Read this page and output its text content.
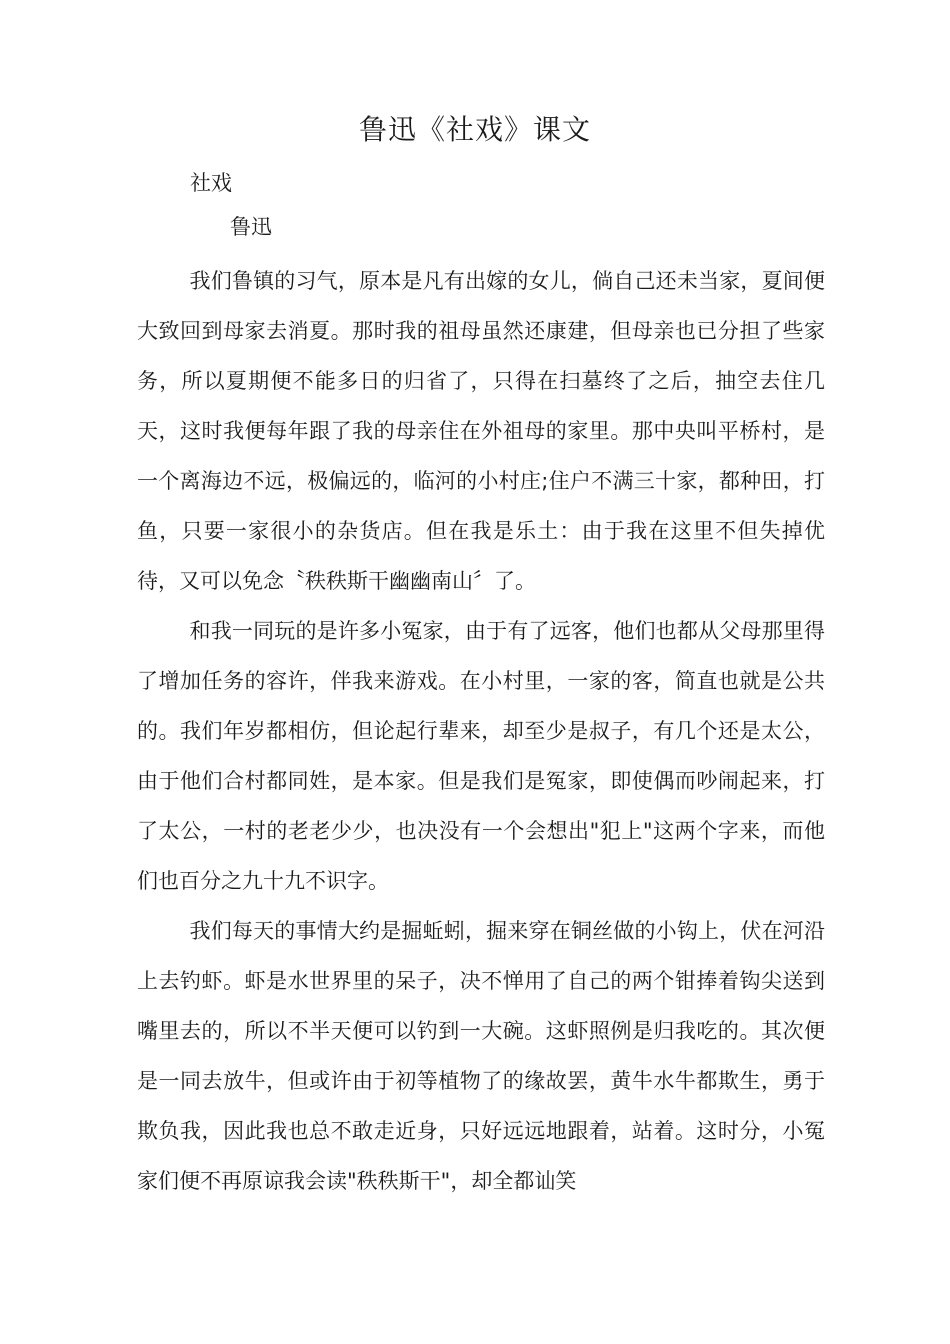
鲁迅《社戏》课文
社戏
鲁迅

我们鲁镇的习气，原本是凡有出嫁的女儿，倘自己还未当家，夏间便大致回到母家去消夏。那时我的祖母虽然还康建，但母亲也已分担了些家务，所以夏期便不能多日的归省了，只得在扫墓终了之后，抽空去住几天，这时我便每年跟了我的母亲住在外祖母的家里。那中央叫平桥村，是一个离海边不远，极偏远的，临河的小村庄;住户不满三十家，都种田，打鱼，只要一家很小的杂货店。但在我是乐土：由于我在这里不但失掉优待，又可以免念〝秩秩斯干幽幽南山〞了。

和我一同玩的是许多小冤家，由于有了远客，他们也都从父母那里得了增加任务的容许，伴我来游戏。在小村里，一家的客，简直也就是公共的。我们年岁都相仿，但论起行辈来，却至少是叔子，有几个还是太公，由于他们合村都同姓，是本家。但是我们是冤家，即使偶而吵闹起来，打了太公，一村的老老少少，也决没有一个会想出"犯上"这两个字来，而他们也百分之九十九不识字。

我们每天的事情大约是掘蚯蚓，掘来穿在铜丝做的小钩上，伏在河沿上去钓虾。虾是水世界里的呆子，决不惮用了自己的两个钳捧着钩尖送到嘴里去的，所以不半天便可以钓到一大碗。这虾照例是归我吃的。其次便是一同去放牛，但或许由于初等植物了的缘故罢，黄牛水牛都欺生，勇于欺负我，因此我也总不敢走近身，只好远远地跟着，站着。这时分，小冤家们便不再原谅我会读"秩秩斯干"，却全都讪笑
